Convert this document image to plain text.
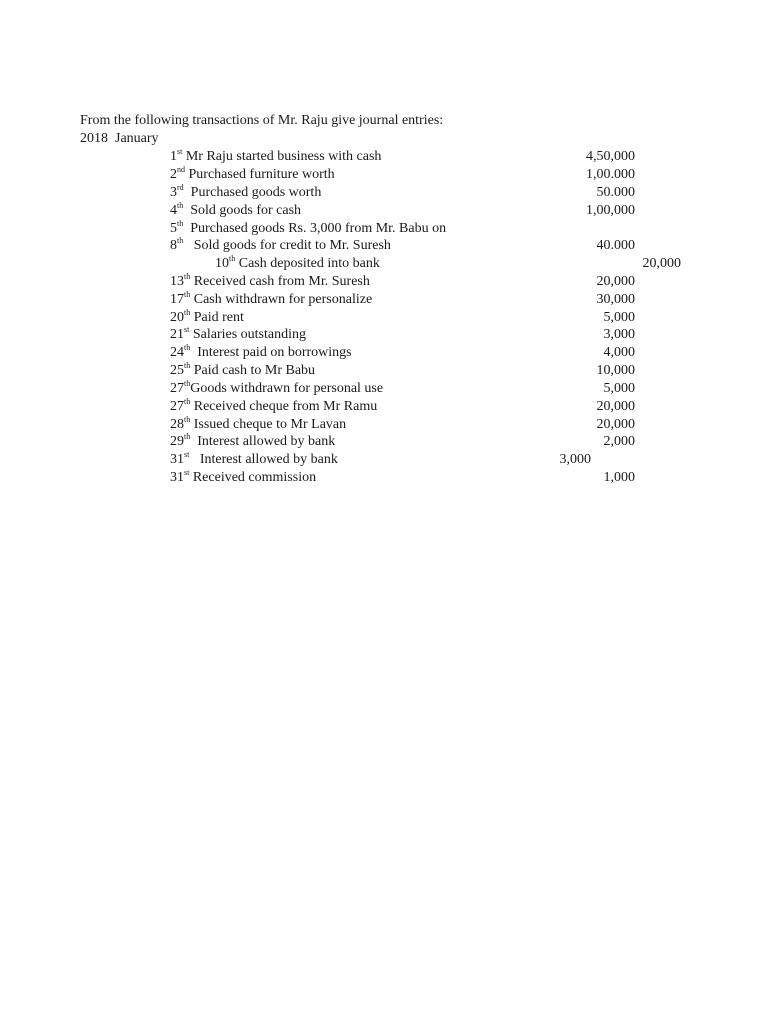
From the following transactions of Mr. Raju give journal entries:
2018  January
1st Mr Raju started business with cash	4,50,000
2nd Purchased furniture worth	1,00.000
3rd  Purchased goods worth	50.000
4th  Sold goods for cash	1,00,000
5th  Purchased goods Rs. 3,000 from Mr. Babu on
8th   Sold goods for credit to Mr. Suresh	40.000
10th Cash deposited into bank	20,000
13th Received cash from Mr. Suresh	20,000
17th Cash withdrawn for personalize	30,000
20th Paid rent	5,000
21st Salaries outstanding	3,000
24th  Interest paid on borrowings	4,000
25th Paid cash to Mr Babu	10,000
27thGoods withdrawn for personal use	5,000
27th Received cheque from Mr Ramu	20,000
28th Issued cheque to Mr Lavan	20,000
29th  Interest allowed by bank	2,000
31st   Interest allowed by bank	3,000
31st Received commission	1,000
